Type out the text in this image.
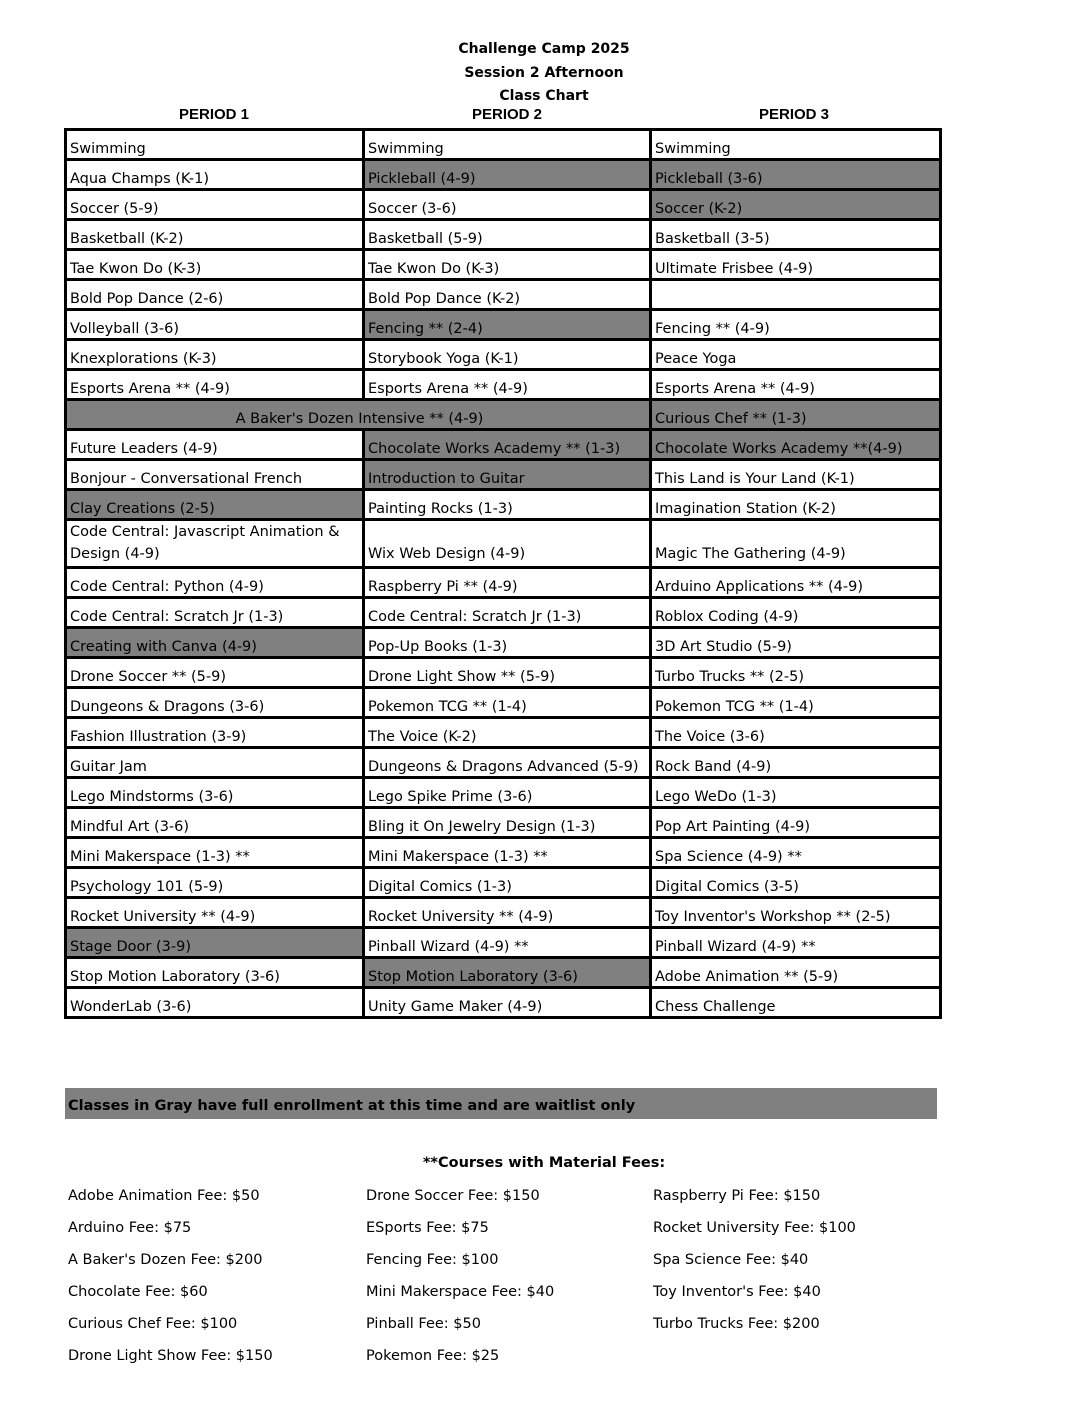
Challenge Camp 2025
Session 2 Afternoon
Class Chart
PERIOD 1	PERIOD 2	PERIOD 3
Swimming	Swimming	Swimming
Aqua Champs (K-1)	Pickleball (4-9)	Pickleball (3-6)
Soccer (5-9)	Soccer (3-6)	Soccer (K-2)
Basketball (K-2)	Basketball (5-9)	Basketball (3-5)
Tae Kwon Do (K-3)	Tae Kwon Do (K-3)	Ultimate Frisbee (4-9)
Bold Pop Dance (2-6)	Bold Pop Dance (K-2)	
Volleyball (3-6)	Fencing ** (2-4)	Fencing ** (4-9)
Knexplorations (K-3)	Storybook Yoga (K-1)	Peace Yoga
Esports Arena ** (4-9)	Esports Arena ** (4-9)	Esports Arena ** (4-9)
A Baker's Dozen Intensive ** (4-9)		Curious Chef ** (1-3)
Future Leaders (4-9)	Chocolate Works Academy ** (1-3)	Chocolate Works Academy **(4-9)
Bonjour - Conversational French	Introduction to Guitar	This Land is Your Land (K-1)
Clay Creations (2-5)	Painting Rocks (1-3)	Imagination Station (K-2)
Code Central: Javascript Animation & Design (4-9)	Wix Web Design (4-9)	Magic The Gathering (4-9)
Code Central: Python (4-9)	Raspberry Pi ** (4-9)	Arduino Applications ** (4-9)
Code Central: Scratch Jr (1-3)	Code Central: Scratch Jr (1-3)	Roblox Coding (4-9)
Creating with Canva (4-9)	Pop-Up Books (1-3)	3D Art Studio (5-9)
Drone Soccer ** (5-9)	Drone Light Show ** (5-9)	Turbo Trucks ** (2-5)
Dungeons & Dragons (3-6)	Pokemon TCG ** (1-4)	Pokemon TCG ** (1-4)
Fashion Illustration (3-9)	The Voice (K-2)	The Voice (3-6)
Guitar Jam	Dungeons & Dragons Advanced (5-9)	Rock Band (4-9)
Lego Mindstorms (3-6)	Lego Spike Prime (3-6)	Lego WeDo (1-3)
Mindful Art (3-6)	Bling it On Jewelry Design (1-3)	Pop Art Painting (4-9)
Mini Makerspace (1-3) **	Mini Makerspace (1-3) **	Spa Science (4-9) **
Psychology 101 (5-9)	Digital Comics (1-3)	Digital Comics (3-5)
Rocket University ** (4-9)	Rocket University ** (4-9)	Toy Inventor's Workshop ** (2-5)
Stage Door (3-9)	Pinball Wizard (4-9) **	Pinball Wizard (4-9) **
Stop Motion Laboratory (3-6)	Stop Motion Laboratory (3-6)	Adobe Animation ** (5-9)
WonderLab (3-6)	Unity Game Maker (4-9)	Chess Challenge
Classes in Gray have full enrollment at this time and are waitlist only
**Courses with Material Fees:
Adobe Animation Fee: $50
Arduino Fee: $75
A Baker's Dozen Fee: $200
Chocolate Fee: $60
Curious Chef Fee: $100
Drone Light Show Fee: $150
Drone Soccer Fee: $150
ESports Fee: $75
Fencing Fee: $100
Mini Makerspace Fee: $40
Pinball Fee: $50
Pokemon Fee: $25
Raspberry Pi Fee: $150
Rocket University Fee: $100
Spa Science Fee: $40
Toy Inventor's Fee: $40
Turbo Trucks Fee: $200
